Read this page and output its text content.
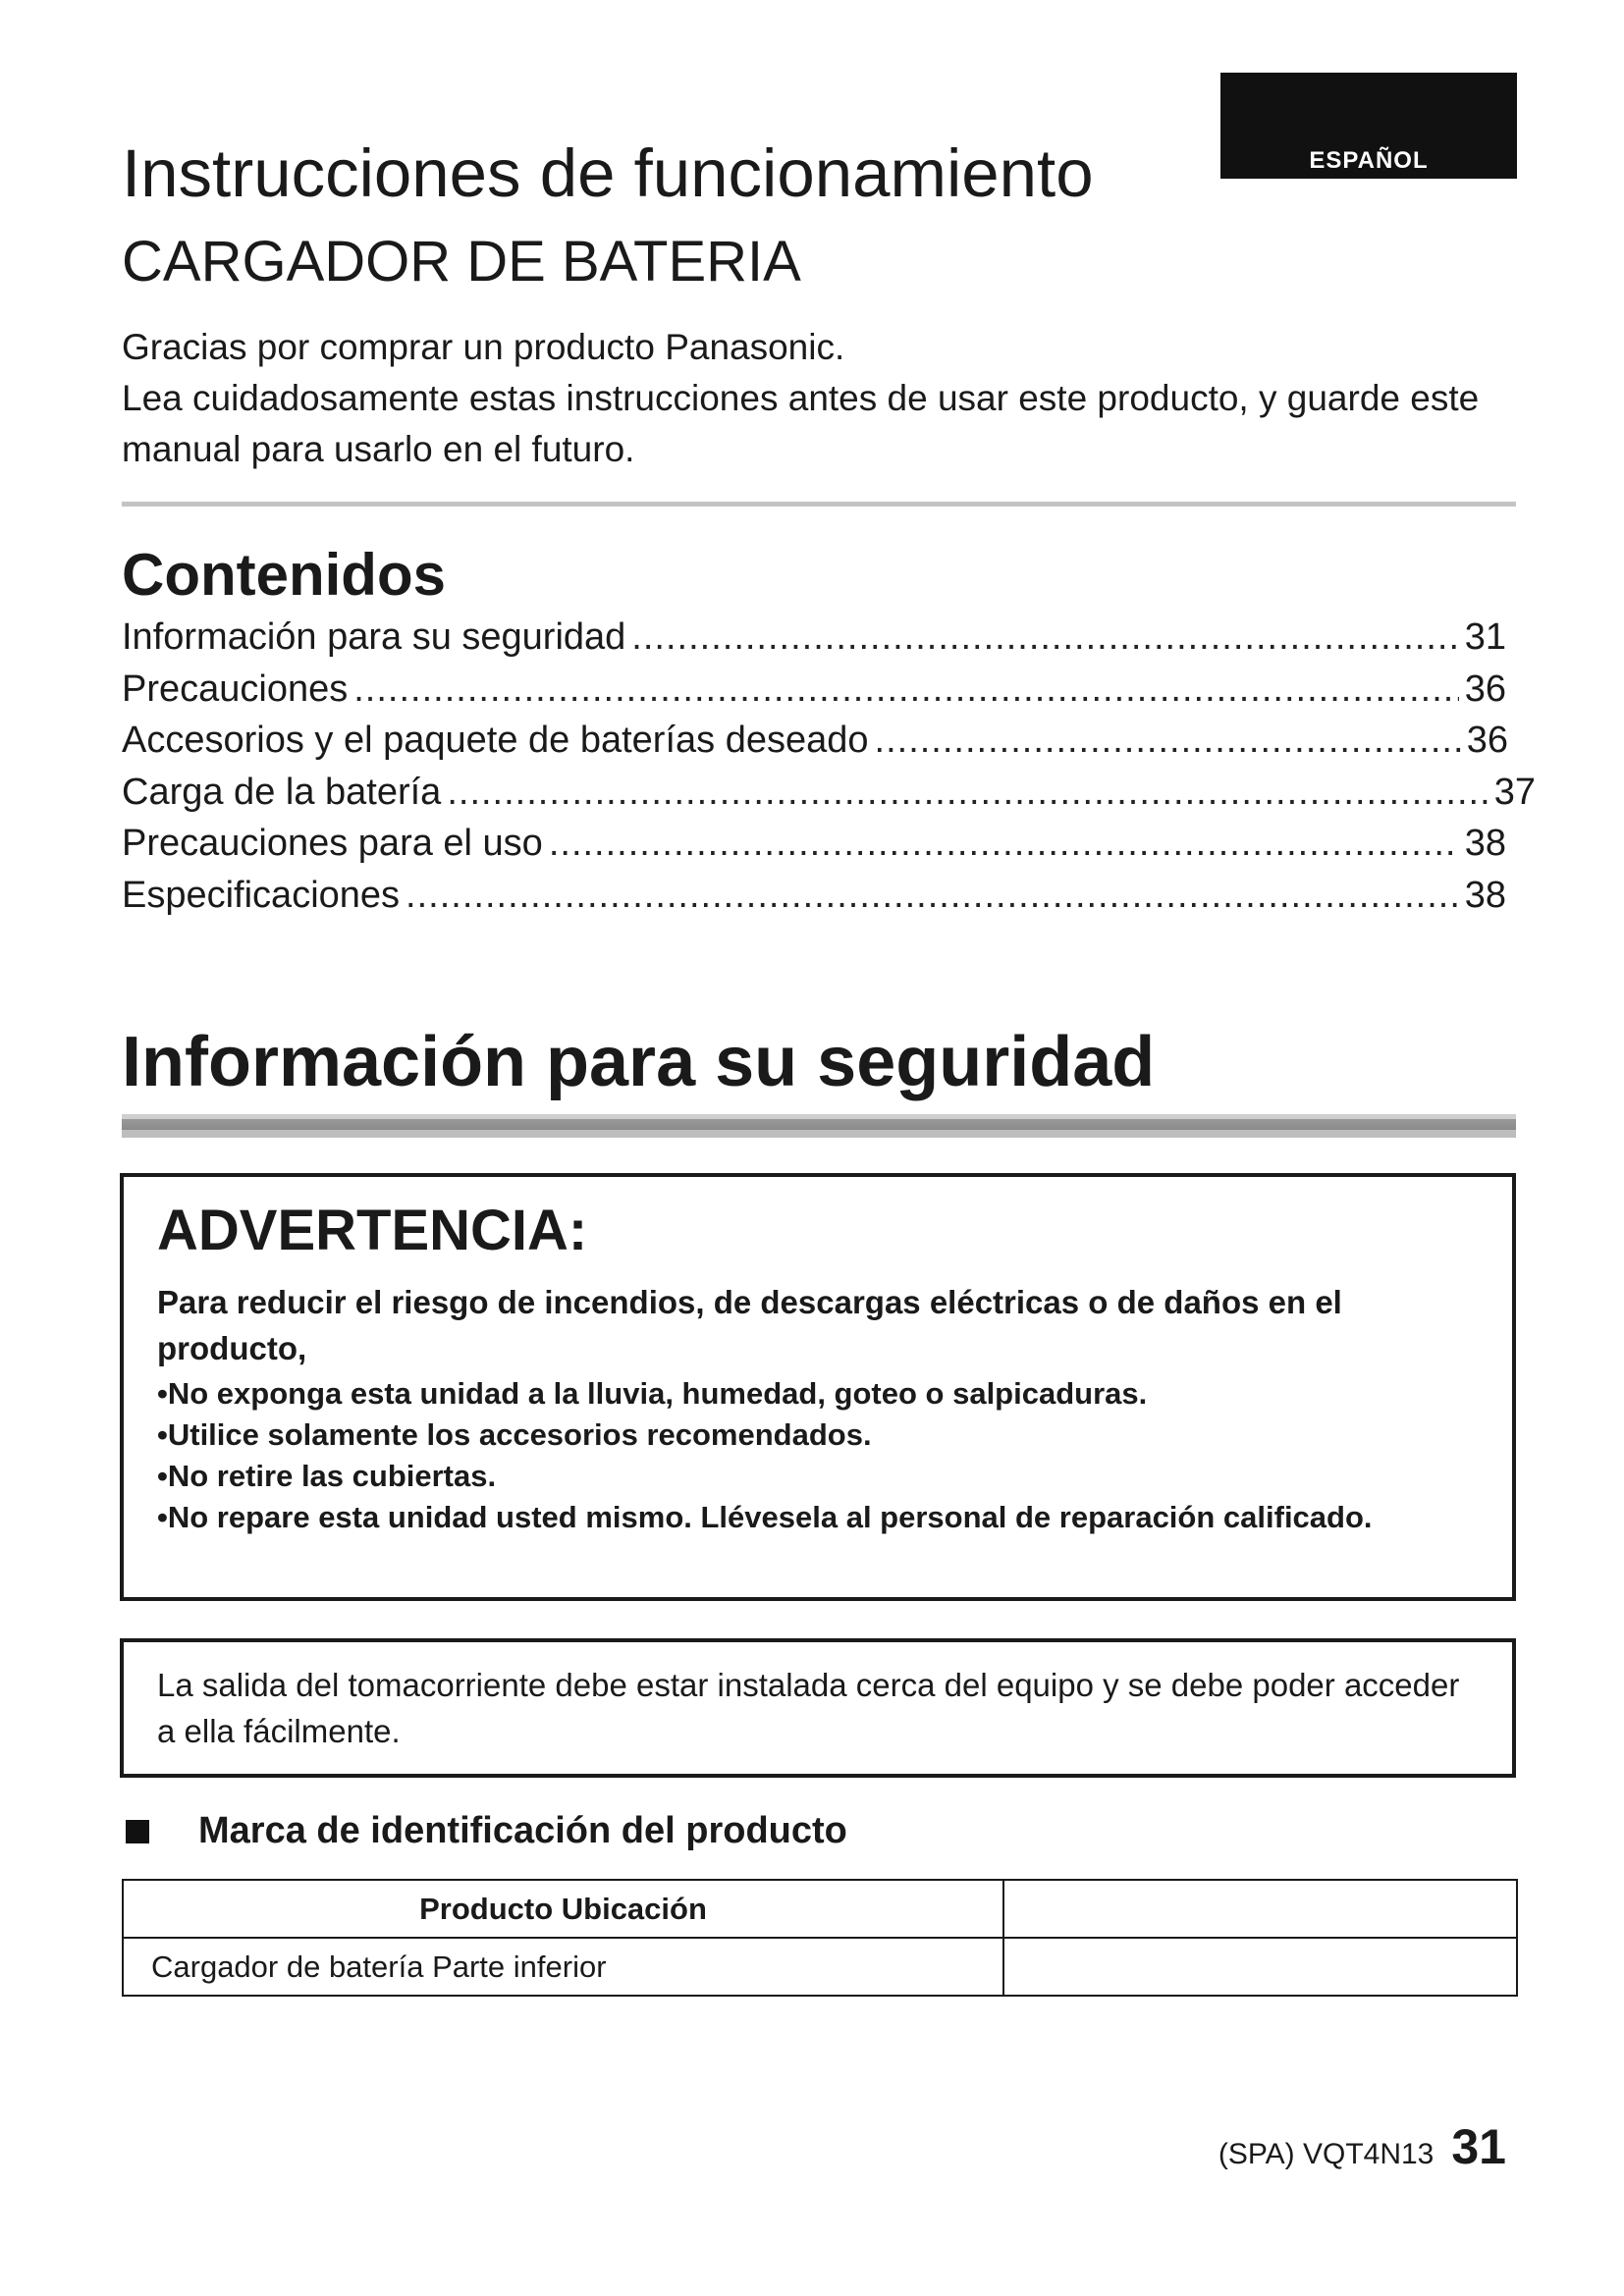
ESPAÑOL
Instrucciones de funcionamiento
CARGADOR DE BATERIA

Gracias por comprar un producto Panasonic.

Lea cuidadosamente estas instrucciones antes de usar este producto, y guarde este manual para usarlo en el futuro.

Contenidos
Información para su seguridad .....	31
Precauciones .....	36
Accesorios y el paquete de baterías deseado .....	36
Carga de la batería .....	37
Precauciones para el uso .....	38
Especificaciones .....	38
Información para su seguridad
ADVERTENCIA:

Para reducir el riesgo de incendios, de descargas eléctricas o de daños en el producto,

•No exponga esta unidad a la lluvia, humedad, goteo o salpicaduras.
•Utilice solamente los accesorios recomendados.
•No retire las cubiertas.
•No repare esta unidad usted mismo. Llévesela al personal de reparación calificado.

La salida del tomacorriente debe estar instalada cerca del equipo y se debe poder acceder a ella fácilmente.

Marca de identificación del producto
Producto Ubicación	
Cargador de batería Parte inferior	
(SPA) VQT4N13 31
